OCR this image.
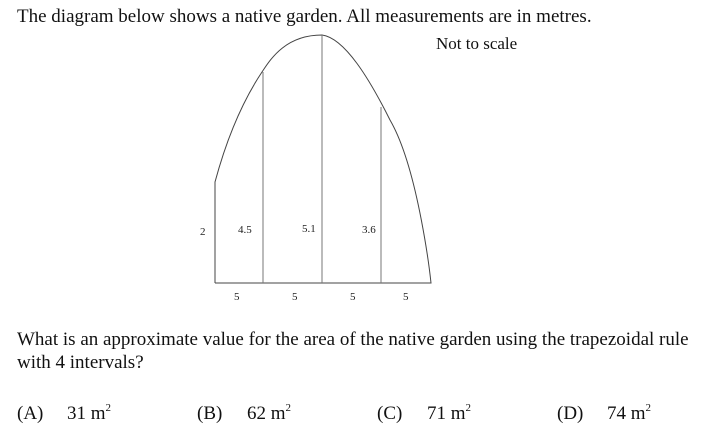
The diagram below shows a native garden. All measurements are in metres.
Not to scale
2	4.5	5.1	3.6
5	5	5	5
What is an approximate value for the area of the native garden using the trapezoidal rule with 4 intervals?
(A) 31 $m^2$	(B) 62 $m^2$	(C) 71 $m^2$	(D) 74 $m^2$
